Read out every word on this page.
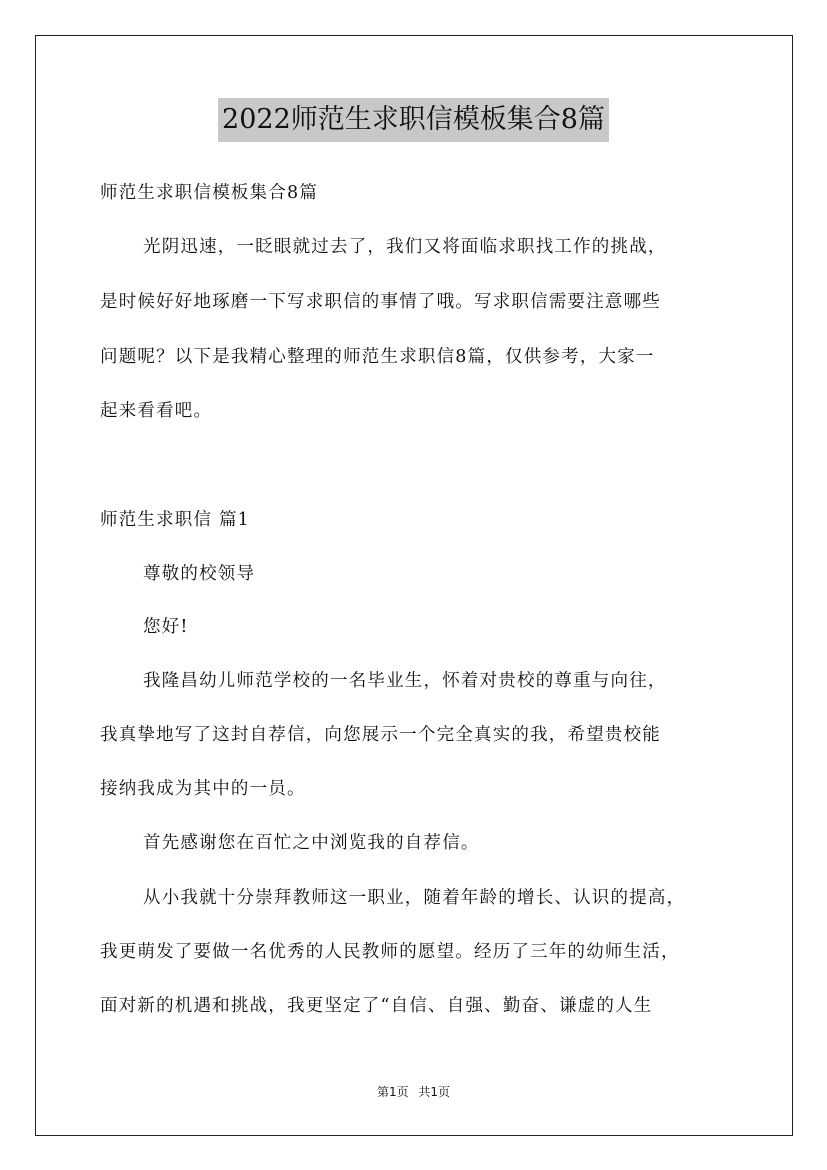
2022师范生求职信模板集合8篇
师范生求职信模板集合8篇
光阴迅速，一眨眼就过去了，我们又将面临求职找工作的挑战，
是时候好好地琢磨一下写求职信的事情了哦。写求职信需要注意哪些
问题呢？以下是我精心整理的师范生求职信8篇，仅供参考，大家一
起来看看吧。
师范生求职信 篇1
尊敬的校领导
您好!
我隆昌幼儿师范学校的一名毕业生，怀着对贵校的尊重与向往，
我真挚地写了这封自荐信，向您展示一个完全真实的我，希望贵校能
接纳我成为其中的一员。
首先感谢您在百忙之中浏览我的自荐信。
从小我就十分崇拜教师这一职业，随着年龄的增长、认识的提高，
我更萌发了要做一名优秀的人民教师的愿望。经历了三年的幼师生活，
面对新的机遇和挑战，我更坚定了“自信、自强、勤奋、谦虚的人生
第1页 共1页
